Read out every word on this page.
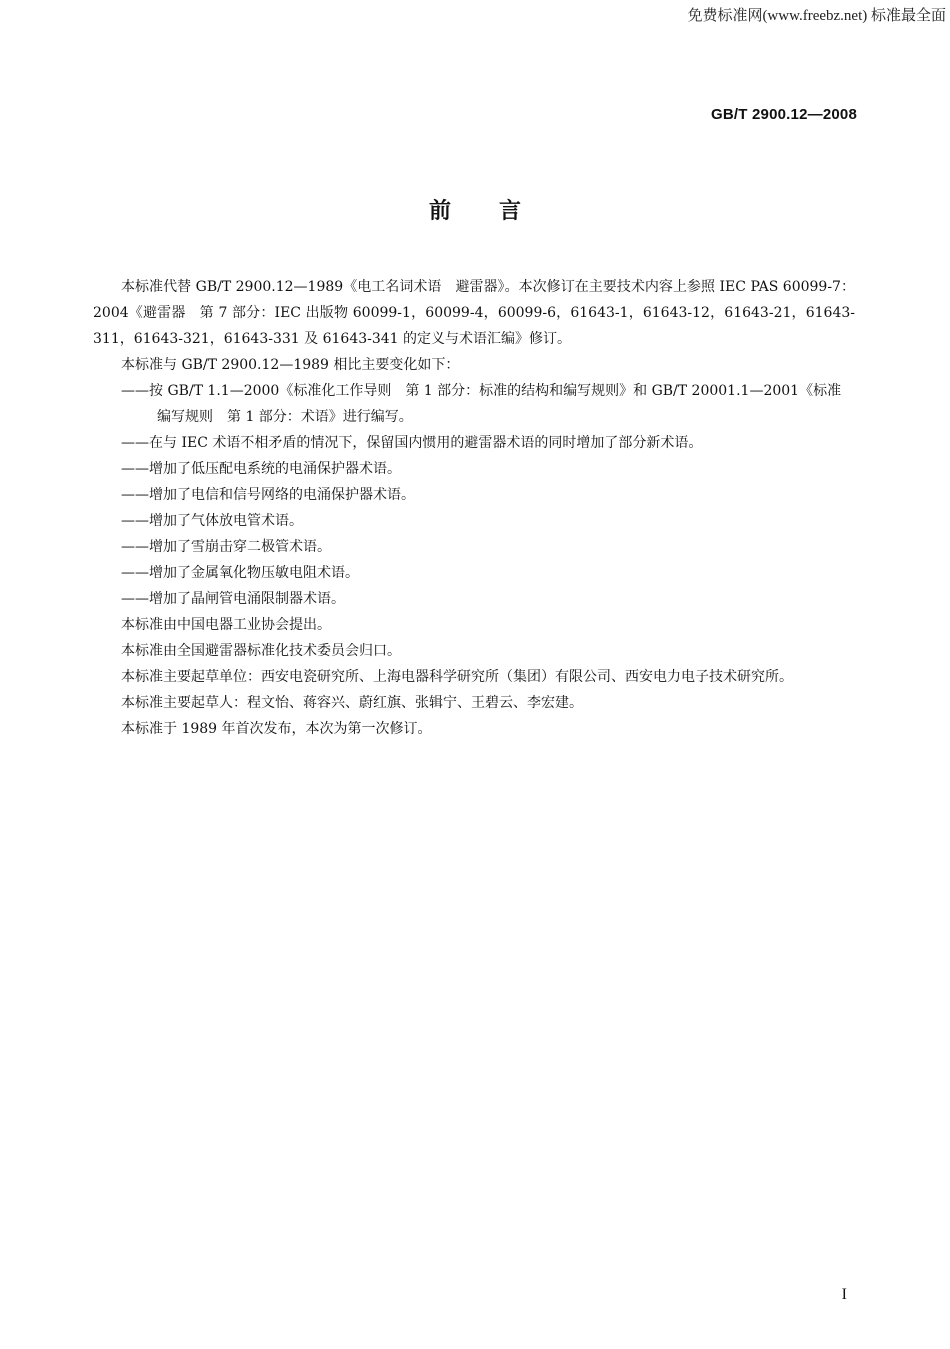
免费标准网(www.freebz.net) 标准最全面
GB/T 2900.12—2008
前言

本标准代替 GB/T 2900.12—1989《电工名词术语　避雷器》。本次修订在主要技术内容上参照 IEC PAS 60099-7：2004《避雷器　第 7 部分：IEC 出版物 60099-1，60099-4，60099-6，61643-1，61643-12，61643-21，61643-311，61643-321，61643-331 及 61643-341 的定义与术语汇编》修订。

本标准与 GB/T 2900.12—1989 相比主要变化如下：

——按 GB/T 1.1—2000《标准化工作导则　第 1 部分：标准的结构和编写规则》和 GB/T 20001.1—2001《标准编写规则　第 1 部分：术语》进行编写。

——在与 IEC 术语不相矛盾的情况下，保留国内惯用的避雷器术语的同时增加了部分新术语。

——增加了低压配电系统的电涌保护器术语。

——增加了电信和信号网络的电涌保护器术语。

——增加了气体放电管术语。

——增加了雪崩击穿二极管术语。

——增加了金属氧化物压敏电阻术语。

——增加了晶闸管电涌限制器术语。

本标准由中国电器工业协会提出。

本标准由全国避雷器标准化技术委员会归口。

本标准主要起草单位：西安电瓷研究所、上海电器科学研究所（集团）有限公司、西安电力电子技术研究所。

本标准主要起草人：程文怡、蒋容兴、蔚红旗、张辑宁、王碧云、李宏建。

本标准于 1989 年首次发布，本次为第一次修订。

I
